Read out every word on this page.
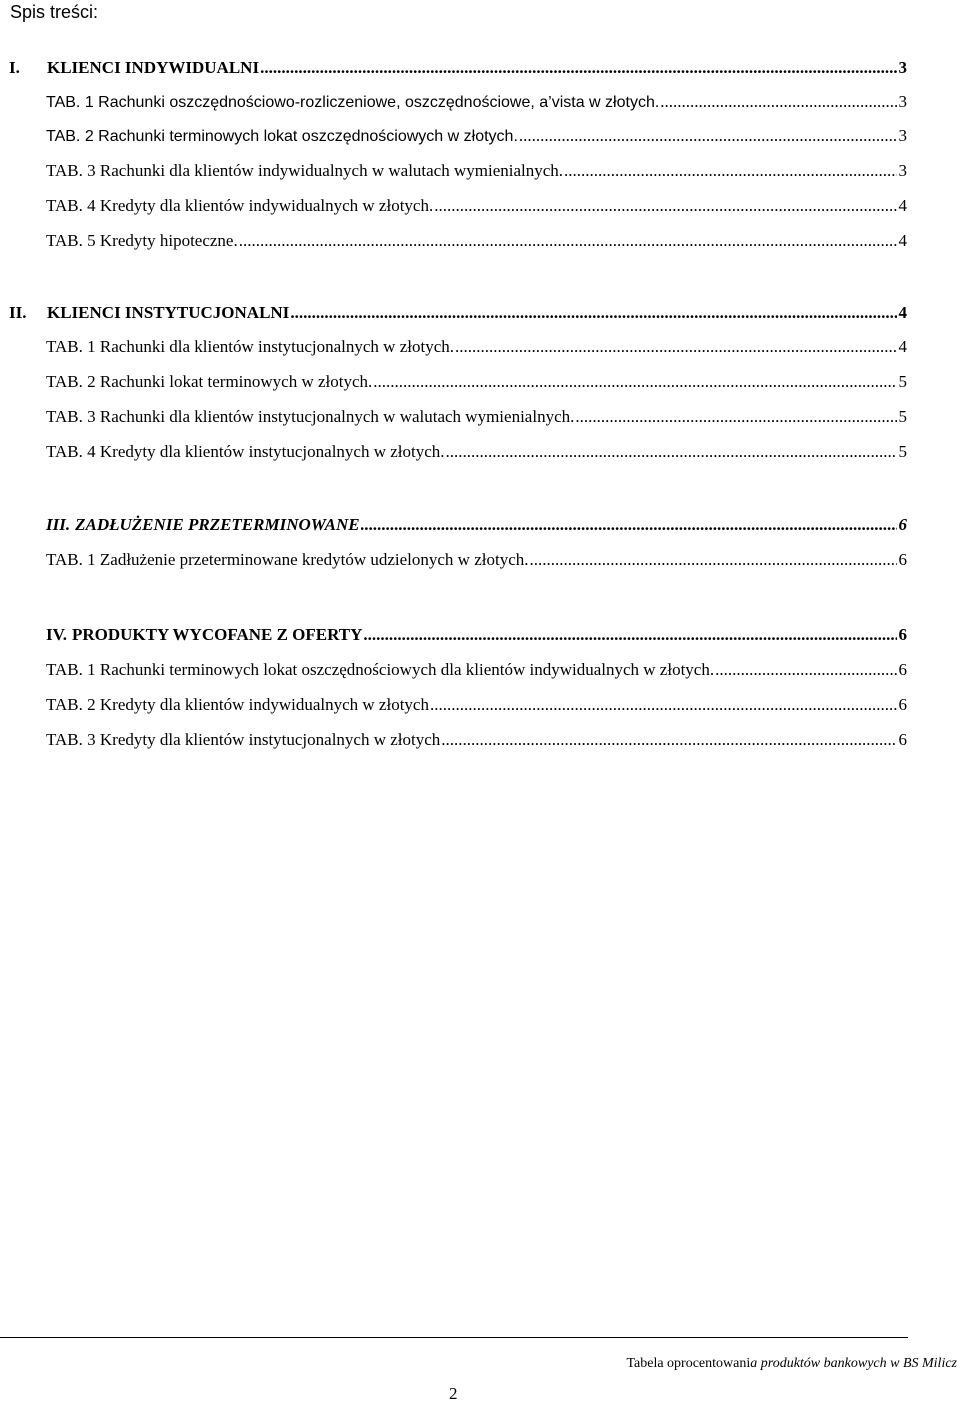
Spis treści:
I.	KLIENCI INDYWIDUALNI .....	3
TAB. 1 Rachunki oszczędnościowo-rozliczeniowe, oszczędnościowe, a’vista w złotych. .....	3
TAB. 2 Rachunki terminowych lokat oszczędnościowych w złotych. .....	3
TAB. 3 Rachunki dla klientów indywidualnych w walutach wymienialnych. .....	3
TAB. 4 Kredyty dla klientów indywidualnych w złotych. .....	4
TAB. 5 Kredyty hipoteczne. .....	4
II.	KLIENCI INSTYTUCJONALNI .....	4
TAB. 1 Rachunki dla klientów instytucjonalnych w złotych. .....	4
TAB. 2 Rachunki lokat terminowych w złotych. .....	5
TAB. 3 Rachunki dla klientów instytucjonalnych w walutach wymienialnych. .....	5
TAB. 4 Kredyty dla klientów instytucjonalnych w złotych. .....	5
III. ZADŁUŻENIE PRZETERMINOWANE .....	6
TAB. 1 Zadłużenie przeterminowane kredytów udzielonych w złotych. .....	6
IV. PRODUKTY WYCOFANE Z OFERTY .....	6
TAB. 1 Rachunki terminowych lokat oszczędnościowych dla klientów indywidualnych w złotych. .....	6
TAB. 2 Kredyty dla klientów indywidualnych w złotych .....	6
TAB. 3 Kredyty dla klientów instytucjonalnych w złotych .....	6
Tabela oprocentowania produktów bankowych w BS Milicz
2
